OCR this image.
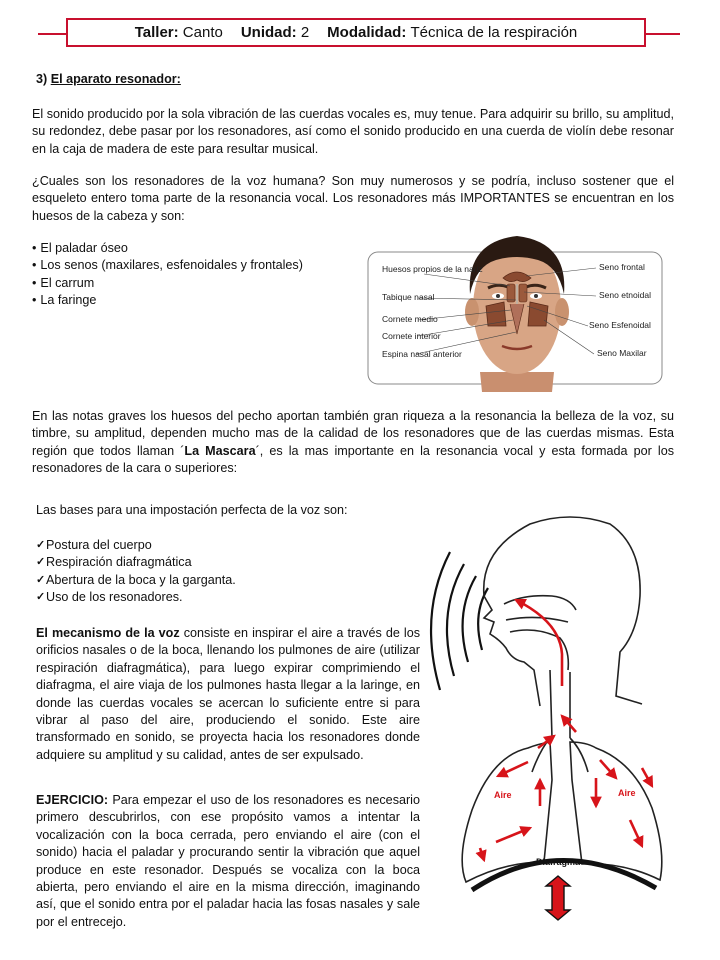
Taller:
Canto Unidad:
2 Modalidad:
Técnica de la respiración
3) El aparato resonador:
El sonido producido por la sola vibración de las cuerdas vocales es, muy tenue. Para adquirir su brillo, su amplitud, su redondez, debe pasar por los resonadores, así como el sonido producido en una cuerda de violín debe resonar en la caja de madera de este para resultar musical.
¿Cuales son los resonadores de la voz humana? Son muy numerosos y se podría, incluso sostener que el esqueleto entero toma parte de la resonancia vocal. Los resonadores más IMPORTANTES se encuentran en los huesos de la cabeza y son:
• El paladar óseo
• Los senos (maxilares, esfenoidales y frontales)
• El carrum
• La faringe
Huesos propios de la nariz
Tabique nasal
Cornete medio
Cornete interior
Espina nasal anterior
Seno frontal
Seno etnoidal
Seno Esfenoidal
Seno Maxilar
En las notas graves los huesos del pecho aportan también gran riqueza a la resonancia la belleza de la voz, su timbre, su amplitud, dependen mucho mas de la calidad de los resonadores que de las cuerdas mismas. Esta región que todos llaman ´La Mascara´, es la mas importante en la resonancia vocal y esta formada por los resonadores de la cara o superiores:
Las bases para una impostación perfecta de la voz son:
✓ Postura del cuerpo
✓ Respiración diafragmática
✓ Abertura de la boca y la garganta.
✓ Uso de los resonadores.
El mecanismo de la voz consiste en inspirar el aire a través de los orificios nasales o de la boca, llenando los pulmones de aire (utilizar respiración diafragmática), para luego expirar comprimiendo el diafragma, el aire viaja de los pulmones hasta llegar a la laringe, en donde las cuerdas vocales se acercan lo suficiente entre si para vibrar al paso del aire, produciendo el sonido. Este aire transformado en sonido, se proyecta hacia los resonadores donde adquiere su amplitud y su calidad, antes de ser expulsado.
EJERCICIO: Para empezar el uso de los resonadores es necesario primero descubrirlos, con ese propósito vamos a intentar la vocalización con la boca cerrada, pero enviando el aire (con el sonido) hacia el paladar y procurando sentir la vibración que aquel produce en este resonador. Después se vocaliza con la boca abierta, pero enviando el aire en la misma dirección, imaginando así, que el sonido entra por el paladar hacia las fosas nasales y sale por el entrecejo.
Aire	Aire
Diafragma
